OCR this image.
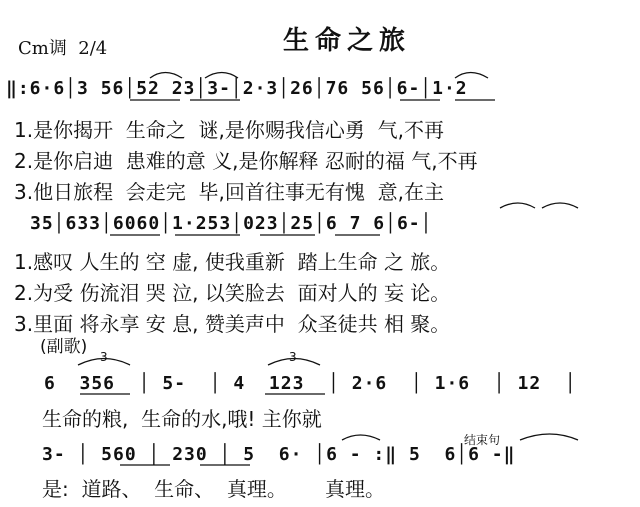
Cm调  2/4	生命之旅
‖:6·6│3 56│52 23│3-│2·3│26│76 56│6-│1·2
1.是你揭开  生命之  谜,是你赐我信心勇  气,不再
2.是你启迪  患难的意 义,是你解释 忍耐的福 气,不再
3.他日旅程  会走完  毕,回首往事无有愧  意,在主
35│633│6060│1·253│023│25│6 7 6│6-│
1.感叹 人生的 空 虚, 使我重新  踏上生命 之 旅。
2.为受 伤流泪 哭 泣, 以笑脸去  面对人的 妄 论。
3.里面 将永享 安 息, 赞美声中  众圣徒共 相 聚。
(副歌) 3	3
6  356  │ 5-  │ 4  123  │ 2·6  │ 1·6  │ 12  │
生命的粮,  生命的水,哦! 主你就
结束句
3- │ 560 │ 230 │ 5  6· │6 - :‖ 5  6│6 -‖
是:  道路、  生命、  真理。      真理。
